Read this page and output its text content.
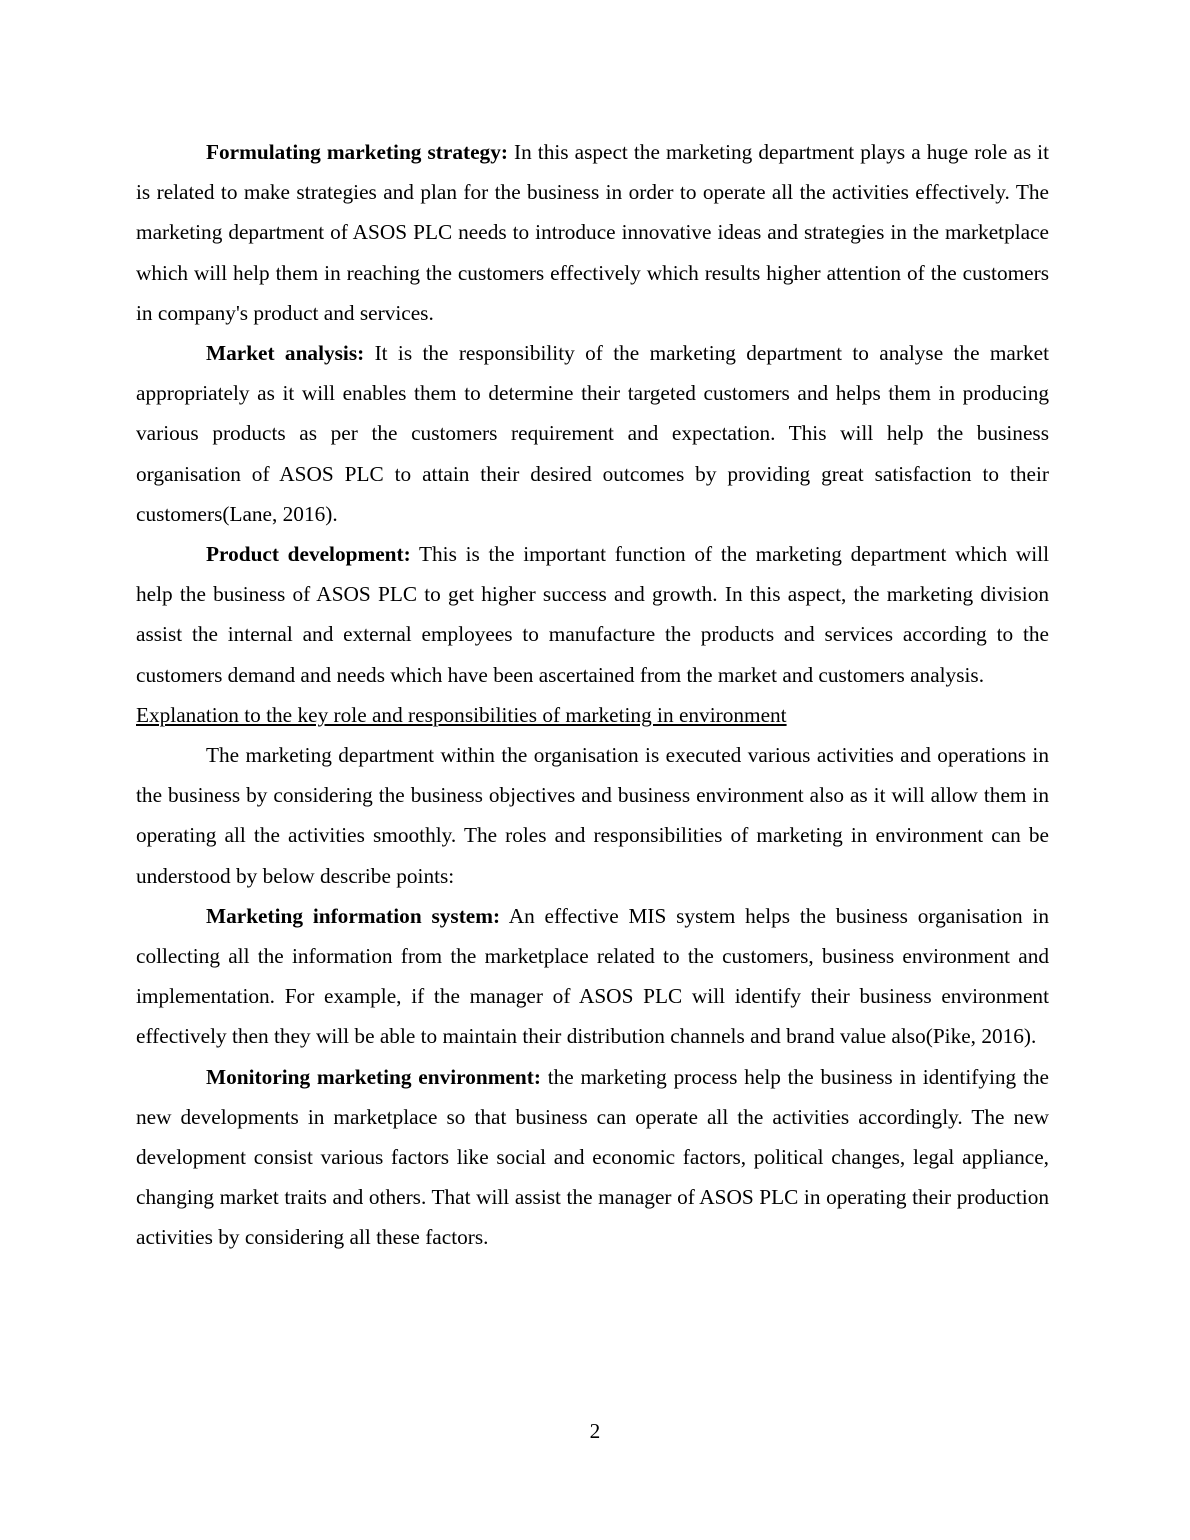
Formulating marketing strategy: In this aspect the marketing department plays a huge role as it is related to make strategies and plan for the business in order to operate all the activities effectively. The marketing department of ASOS PLC needs to introduce innovative ideas and strategies in the marketplace which will help them in reaching the customers effectively which results higher attention of the customers in company's product and services.

Market analysis: It is the responsibility of the marketing department to analyse the market appropriately as it will enables them to determine their targeted customers and helps them in producing various products as per the customers requirement and expectation. This will help the business organisation of ASOS PLC to attain their desired outcomes by providing great satisfaction to their customers(Lane, 2016).

Product development: This is the important function of the marketing department which will help the business of ASOS PLC to get higher success and growth. In this aspect, the marketing division assist the internal and external employees to manufacture the products and services according to the customers demand and needs which have been ascertained from the market and customers analysis.

Explanation to the key role and responsibilities of marketing in environment

The marketing department within the organisation is executed various activities and operations in the business by considering the business objectives and business environment also as it will allow them in operating all the activities smoothly. The roles and responsibilities of marketing in environment can be understood by below describe points:

Marketing information system: An effective MIS system helps the business organisation in collecting all the information from the marketplace related to the customers, business environment and implementation. For example, if the manager of ASOS PLC will identify their business environment effectively then they will be able to maintain their distribution channels and brand value also(Pike, 2016).

Monitoring marketing environment: the marketing process help the business in identifying the new developments in marketplace so that business can operate all the activities accordingly. The new development consist various factors like social and economic factors, political changes, legal appliance, changing market traits and others. That will assist the manager of ASOS PLC in operating their production activities by considering all these factors.

2
